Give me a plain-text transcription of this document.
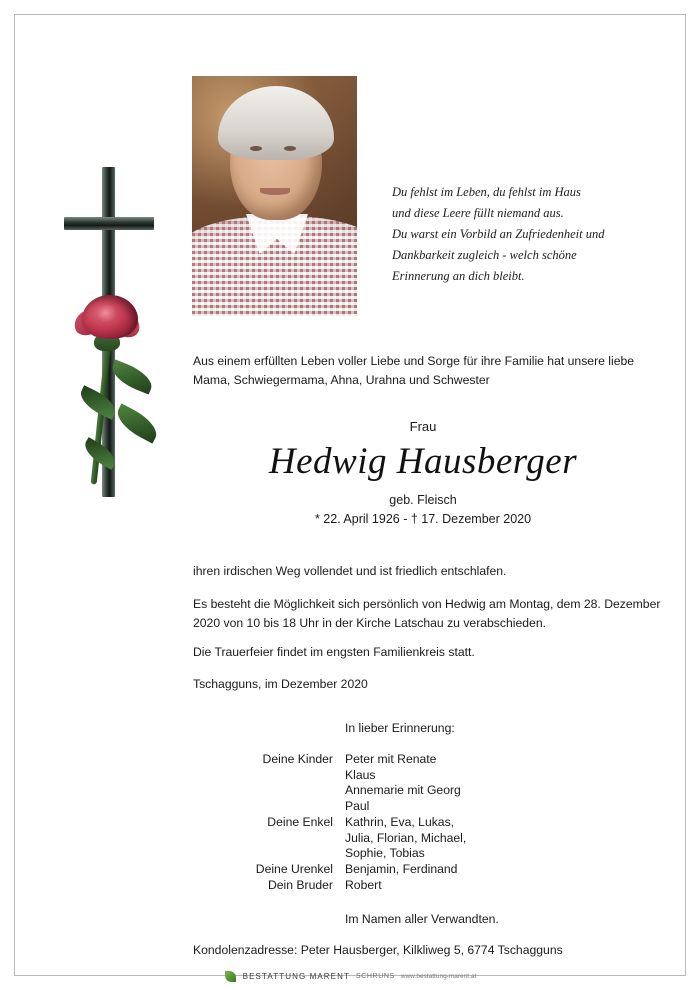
Du fehlst im Leben, du fehlst im Haus
und diese Leere füllt niemand aus.
Du warst ein Vorbild an Zufriedenheit und
Dankbarkeit zugleich - welch schöne
Erinnerung an dich bleibt.
Aus einem erfüllten Leben voller Liebe und Sorge für ihre Familie hat unsere liebe Mama, Schwiegermama, Ahna, Urahna und Schwester
Frau
Hedwig Hausberger
geb. Fleisch
* 22. April 1926 - † 17. Dezember 2020
ihren irdischen Weg vollendet und ist friedlich entschlafen.
Es besteht die Möglichkeit sich persönlich von Hedwig am Montag, dem 28. Dezember 2020 von 10 bis 18 Uhr in der Kirche Latschau zu verabschieden.
Die Trauerfeier findet im engsten Familienkreis statt.
Tschagguns, im Dezember 2020
In lieber Erinnerung:
Deine Kinder Peter mit Renate
Klaus
Annemarie mit Georg
Paul
Deine Enkel Kathrin, Eva, Lukas,
Julia, Florian, Michael,
Sophie, Tobias
Deine Urenkel Benjamin, Ferdinand
Dein Bruder Robert
Im Namen aller Verwandten.
Kondolenzadresse: Peter Hausberger, Kilkliweg 5, 6774 Tschagguns
BESTATTUNG MARENT SCHRUNS www.bestattung-marent.at
